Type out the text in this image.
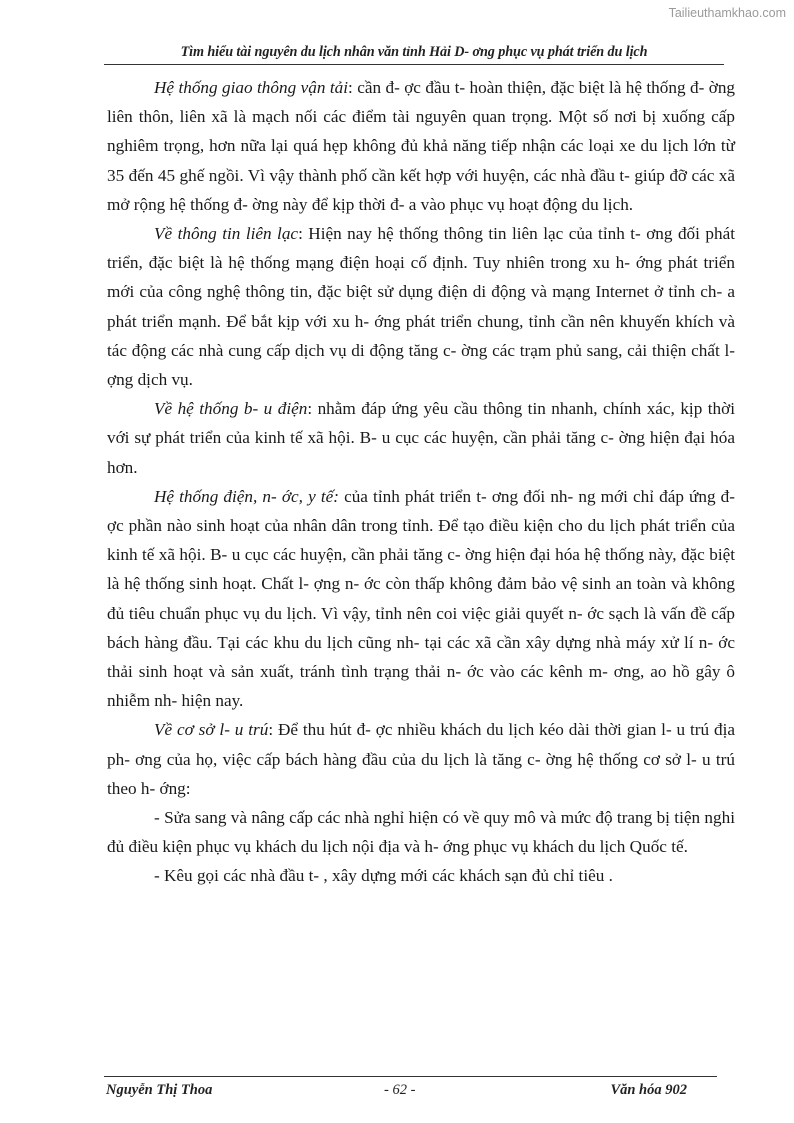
Tailieuthamkhao.com
Tìm hiểu tài nguyên du lịch nhân văn tỉnh Hải D- ơng phục vụ phát triển du lịch

Hệ thống giao thông vận tải: cần đ- ợc đầu t- hoàn thiện, đặc biệt là hệ thống đ- ờng liên thôn, liên xã là mạch nối các điểm tài nguyên quan trọng. Một số nơi bị xuống cấp nghiêm trọng, hơn nữa lại quá hẹp không đủ khả năng tiếp nhận các loại xe du lịch lớn từ 35 đến 45 ghế ngồi. Vì vậy thành phố cần kết hợp với huyện, các nhà đầu t- giúp đỡ các xã mở rộng hệ thống đ- ờng này để kịp thời đ- a vào phục vụ hoạt động du lịch.

Về thông tin liên lạc: Hiện nay hệ thống thông tin liên lạc của tỉnh t- ơng đối phát triển, đặc biệt là hệ thống mạng điện hoại cố định. Tuy nhiên trong xu h- ớng phát triển mới của công nghệ thông tin, đặc biệt sử dụng điện di động và mạng Internet ở tỉnh ch- a phát triển mạnh. Để bắt kịp với xu h- ớng phát triển chung, tỉnh cần nên khuyến khích và tác động các nhà cung cấp dịch vụ di động tăng c- ờng các trạm phủ sang, cải thiện chất l- ợng dịch vụ.

Về hệ thống b- u điện: nhằm đáp ứng yêu cầu thông tin nhanh, chính xác, kịp thời với sự phát triển của kinh tế xã hội. B- u cục các huyện, cần phải tăng c- ờng hiện đại hóa hơn.

Hệ thống điện, n- ớc, y tế: của tỉnh phát triển t- ơng đối nh- ng mới chỉ đáp ứng đ- ợc phần nào sinh hoạt của nhân dân trong tỉnh. Để tạo điều kiện cho du lịch phát triển của kinh tế xã hội. B- u cục các huyện, cần phải tăng c- ờng hiện đại hóa hệ thống này, đặc biệt là hệ thống sinh hoạt. Chất l- ợng n- ớc còn thấp không đảm bảo vệ sinh an toàn và không đủ tiêu chuẩn phục vụ du lịch. Vì vậy, tỉnh nên coi việc giải quyết n- ớc sạch là vấn đề cấp bách hàng đầu. Tại các khu du lịch cũng nh- tại các xã cần xây dựng nhà máy xử lí n- ớc thải sinh hoạt và sản xuất, tránh tình trạng thải n- ớc vào các kênh m- ơng, ao hồ gây ô nhiễm nh- hiện nay.

Về cơ sở l- u trú: Để thu hút đ- ợc nhiều khách du lịch kéo dài thời gian l- u trú địa ph- ơng của họ, việc cấp bách hàng đầu của du lịch là tăng c- ờng hệ thống cơ sở l- u trú theo h- ớng:

- Sửa sang và nâng cấp các nhà nghỉ hiện có về quy mô và mức độ trang bị tiện nghi đủ điều kiện phục vụ khách du lịch nội địa và h- ớng phục vụ khách du lịch Quốc tế.

- Kêu gọi các nhà đầu t- , xây dựng mới các khách sạn đủ chỉ tiêu .

Nguyễn Thị Thoa	- 62 -	Văn hóa 902
